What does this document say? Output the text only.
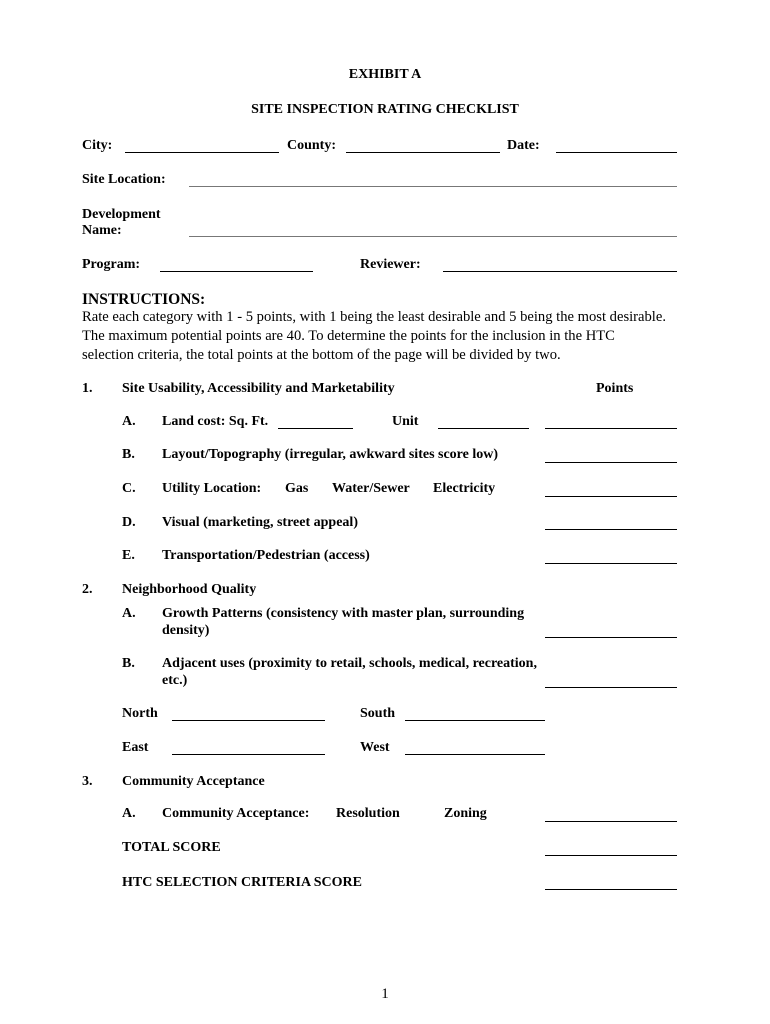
EXHIBIT A
SITE INSPECTION RATING CHECKLIST
City:	County:	Date:
Site Location:
Development
Name:
Program:	Reviewer:
INSTRUCTIONS:
Rate each category with 1 - 5 points, with 1 being the least desirable and 5 being the most desirable.
The maximum potential points are 40. To determine the points for the inclusion in the HTC
selection criteria, the total points at the bottom of the page will be divided by two.
1. Site Usability, Accessibility and Marketability	Points
A. Land cost: Sq. Ft.	Unit
B. Layout/Topography (irregular, awkward sites score low)
C. Utility Location: Gas Water/Sewer Electricity
D. Visual (marketing, street appeal)
E. Transportation/Pedestrian (access)
2. Neighborhood Quality
A. Growth Patterns (consistency with master plan, surrounding
density)
B. Adjacent uses (proximity to retail, schools, medical, recreation,
etc.)
North	South
East	West
3. Community Acceptance
A. Community Acceptance: Resolution	Zoning
TOTAL SCORE
HTC SELECTION CRITERIA SCORE
1
